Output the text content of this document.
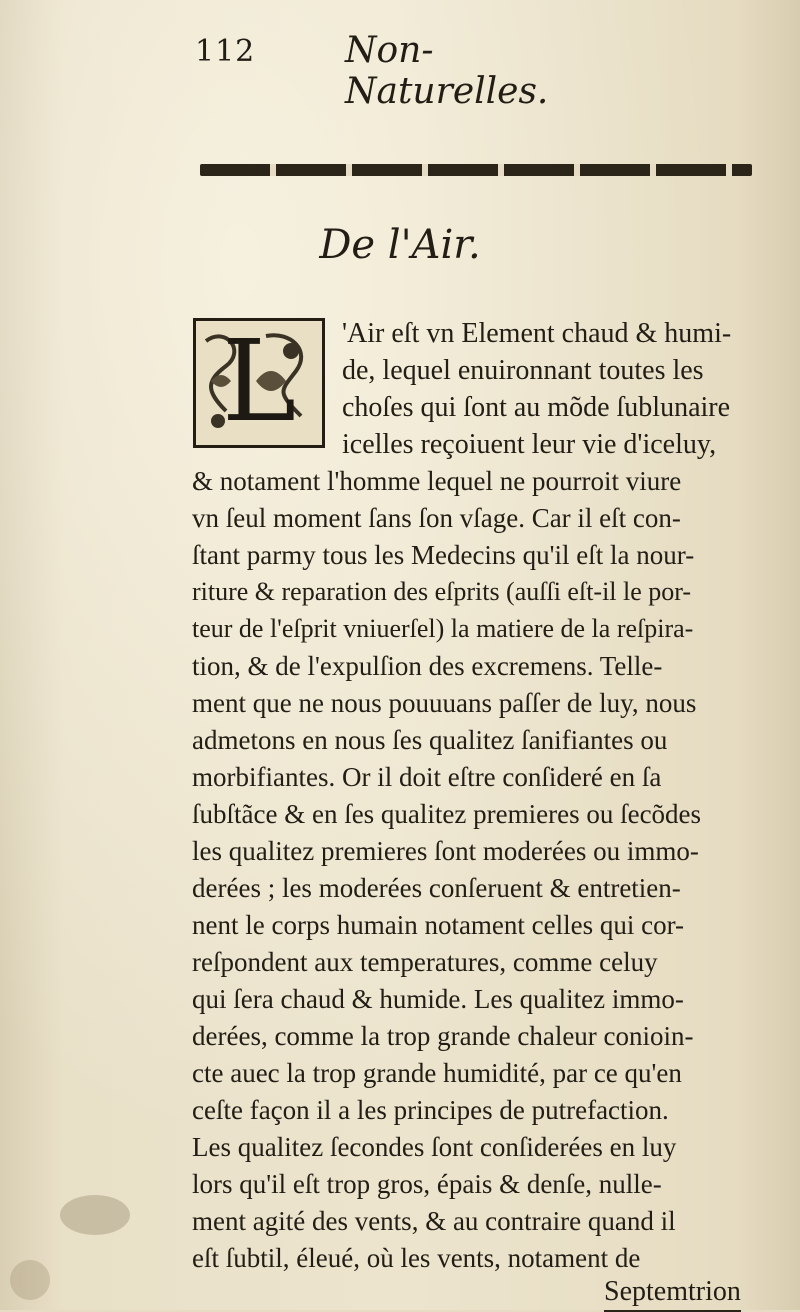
112 Non-Naturelles.
De l'Air.
L	'Air eſt vn Element chaud & humi-
de, lequel enuironnant toutes les
choſes qui ſont au mõde ſublunaire
icelles reçoiuent leur vie d'iceluy,
& notament l'homme lequel ne pourroit viure
vn ſeul moment ſans ſon vſage. Car il eſt con-
ſtant parmy tous les Medecins qu'il eſt la nour-
riture & reparation des eſprits (auſſi eſt-il le por-
teur de l'eſprit vniuerſel) la matiere de la reſpira-
tion, & de l'expulſion des excremens. Telle-
ment que ne nous pouuuans paſſer de luy, nous
admetons en nous ſes qualitez ſanifiantes ou
morbifiantes. Or il doit eſtre conſideré en ſa
ſubſtãce & en ſes qualitez premieres ou ſecõdes
les qualitez premieres ſont moderées ou immo-
derées ; les moderées conſeruent & entretien-
nent le corps humain notament celles qui cor-
reſpondent aux temperatures, comme celuy
qui ſera chaud & humide. Les qualitez immo-
derées, comme la trop grande chaleur conioin-
cte auec la trop grande humidité, par ce qu'en
ceſte façon il a les principes de putrefaction.
Les qualitez ſecondes ſont conſiderées en luy
lors qu'il eſt trop gros, épais & denſe, nulle-
ment agité des vents, & au contraire quand il
eſt ſubtil, éleué, où les vents, notament de
Septemtrion
